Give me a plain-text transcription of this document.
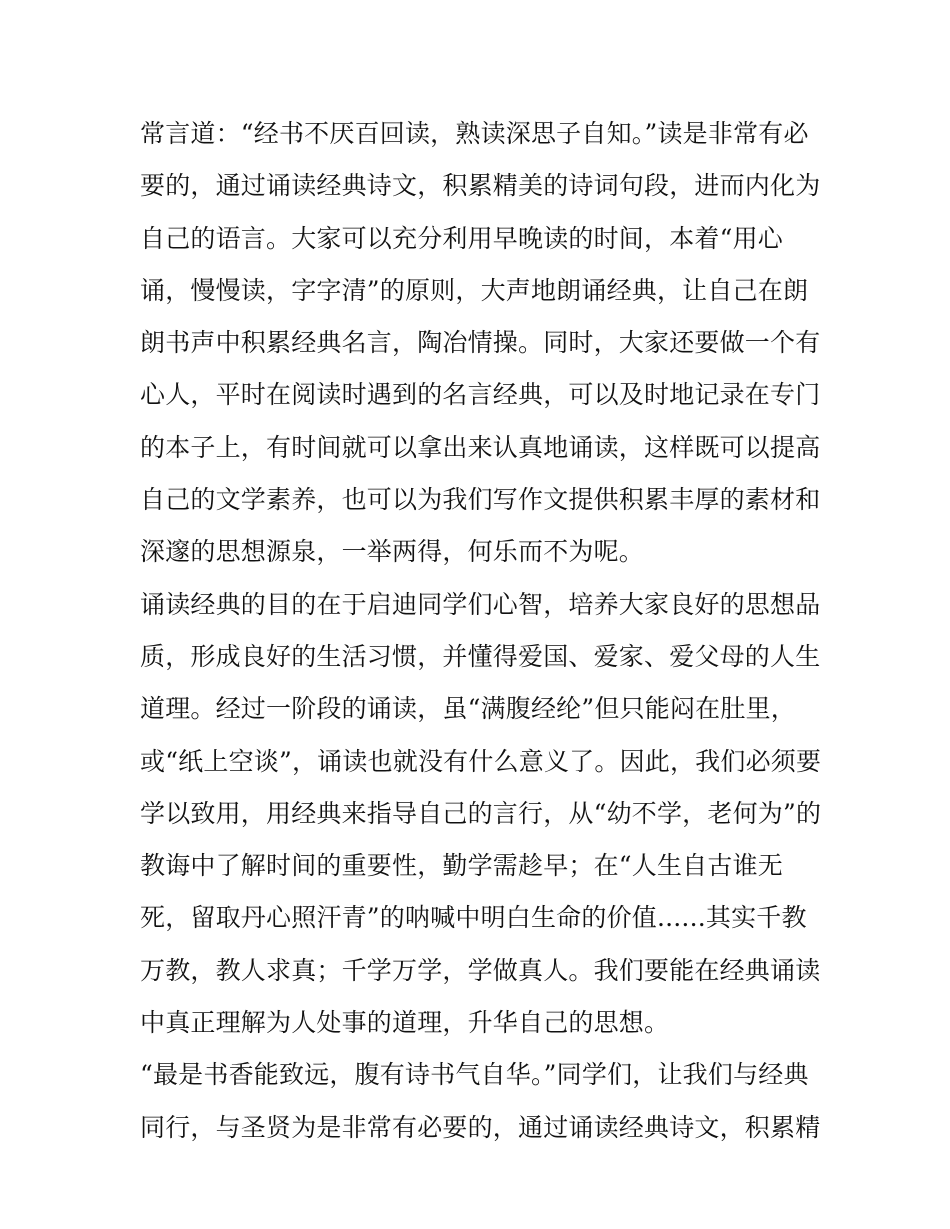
常言道：“经书不厌百回读，熟读深思子自知。”读是非常有必
要的，通过诵读经典诗文，积累精美的诗词句段，进而内化为
自己的语言。大家可以充分利用早晚读的时间，本着“用心
诵，慢慢读，字字清”的原则，大声地朗诵经典，让自己在朗
朗书声中积累经典名言，陶冶情操。同时，大家还要做一个有
心人，平时在阅读时遇到的名言经典，可以及时地记录在专门
的本子上，有时间就可以拿出来认真地诵读，这样既可以提高
自己的文学素养，也可以为我们写作文提供积累丰厚的素材和
深邃的思想源泉，一举两得，何乐而不为呢。
诵读经典的目的在于启迪同学们心智，培养大家良好的思想品
质，形成良好的生活习惯，并懂得爱国、爱家、爱父母的人生
道理。经过一阶段的诵读，虽“满腹经纶”但只能闷在肚里，
或“纸上空谈”，诵读也就没有什么意义了。因此，我们必须要
学以致用，用经典来指导自己的言行，从“幼不学，老何为”的
教诲中了解时间的重要性，勤学需趁早；在“人生自古谁无
死，留取丹心照汗青”的呐喊中明白生命的价值......其实千教
万教，教人求真；千学万学，学做真人。我们要能在经典诵读
中真正理解为人处事的道理，升华自己的思想。
“最是书香能致远，腹有诗书气自华。”同学们，让我们与经典
同行，与圣贤为是非常有必要的，通过诵读经典诗文，积累精
